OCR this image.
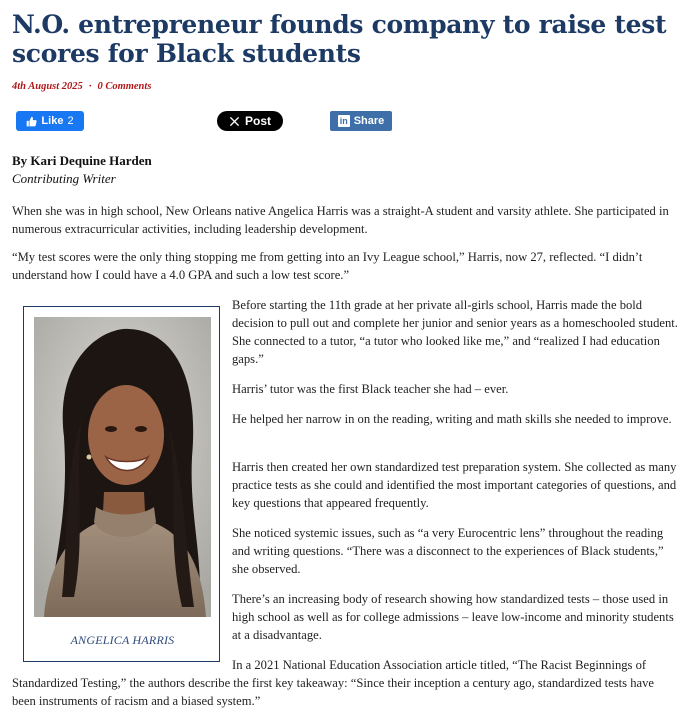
N.O. entrepreneur founds company to raise test scores for Black students

4th August 2025 · 0 Comments

Like 2	Post	in Share

By Kari Dequine Harden

Contributing Writer

When she was in high school, New Orleans native Angelica Harris was a straight-A student and varsity athlete. She participated in numerous extracurricular activities, including leadership development.

“My test scores were the only thing stopping me from getting into an Ivy League school,” Harris, now 27, reflected. “I didn’t understand how I could have a 4.0 GPA and such a low test score.”

ANGELICA HARRIS

Before starting the 11th grade at her private all-girls school, Harris made the bold decision to pull out and complete her junior and senior years as a homeschooled student. She connected to a tutor, “a tutor who looked like me,” and “realized I had education gaps.”

Harris’ tutor was the first Black teacher she had – ever.

He helped her narrow in on the reading, writing and math skills she needed to improve.

Harris then created her own standardized test preparation system. She collected as many practice tests as she could and identified the most important categories of questions, and key questions that appeared frequently.

She noticed systemic issues, such as “a very Eurocentric lens” throughout the reading and writing questions. “There was a disconnect to the experiences of Black students,” she observed.

There’s an increasing body of research showing how standardized tests – those used in high school as well as for college admissions – leave low-income and minority students at a disadvantage.

In a 2021 National Education Association article titled, “The Racist Beginnings of Standardized Testing,” the authors describe the first key takeaway: “Since their inception a century ago, standardized tests have been instruments of racism and a biased system.”
